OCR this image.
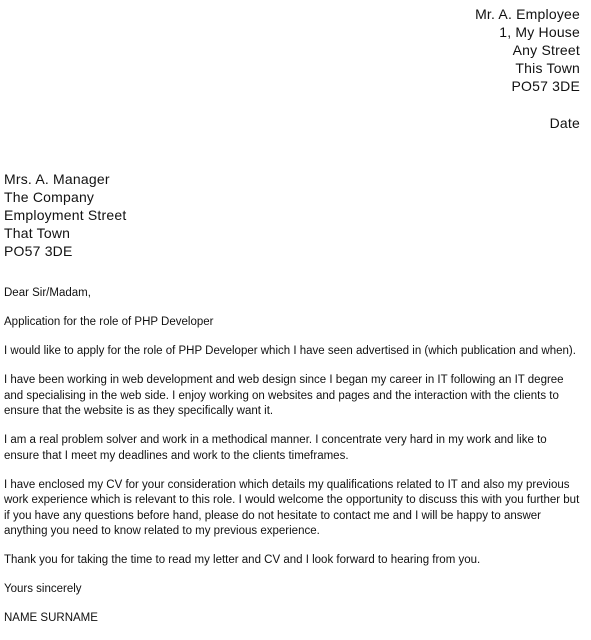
Mr. A. Employee
1, My House
Any Street
This Town
PO57 3DE
Date
Mrs. A. Manager
The Company
Employment Street
That Town
PO57 3DE

Dear Sir/Madam,

Application for the role of PHP Developer

I would like to apply for the role of PHP Developer which I have seen advertised in (which publication and when).

I have been working in web development and web design since I began my career in IT following an IT degree and specialising in the web side. I enjoy working on websites and pages and the interaction with the clients to ensure that the website is as they specifically want it.

I am a real problem solver and work in a methodical manner. I concentrate very hard in my work and like to ensure that I meet my deadlines and work to the clients timeframes.

I have enclosed my CV for your consideration which details my qualifications related to IT and also my previous work experience which is relevant to this role. I would welcome the opportunity to discuss this with you further but if you have any questions before hand, please do not hesitate to contact me and I will be happy to answer anything you need to know related to my previous experience.

Thank you for taking the time to read my letter and CV and I look forward to hearing from you.

Yours sincerely

NAME SURNAME
